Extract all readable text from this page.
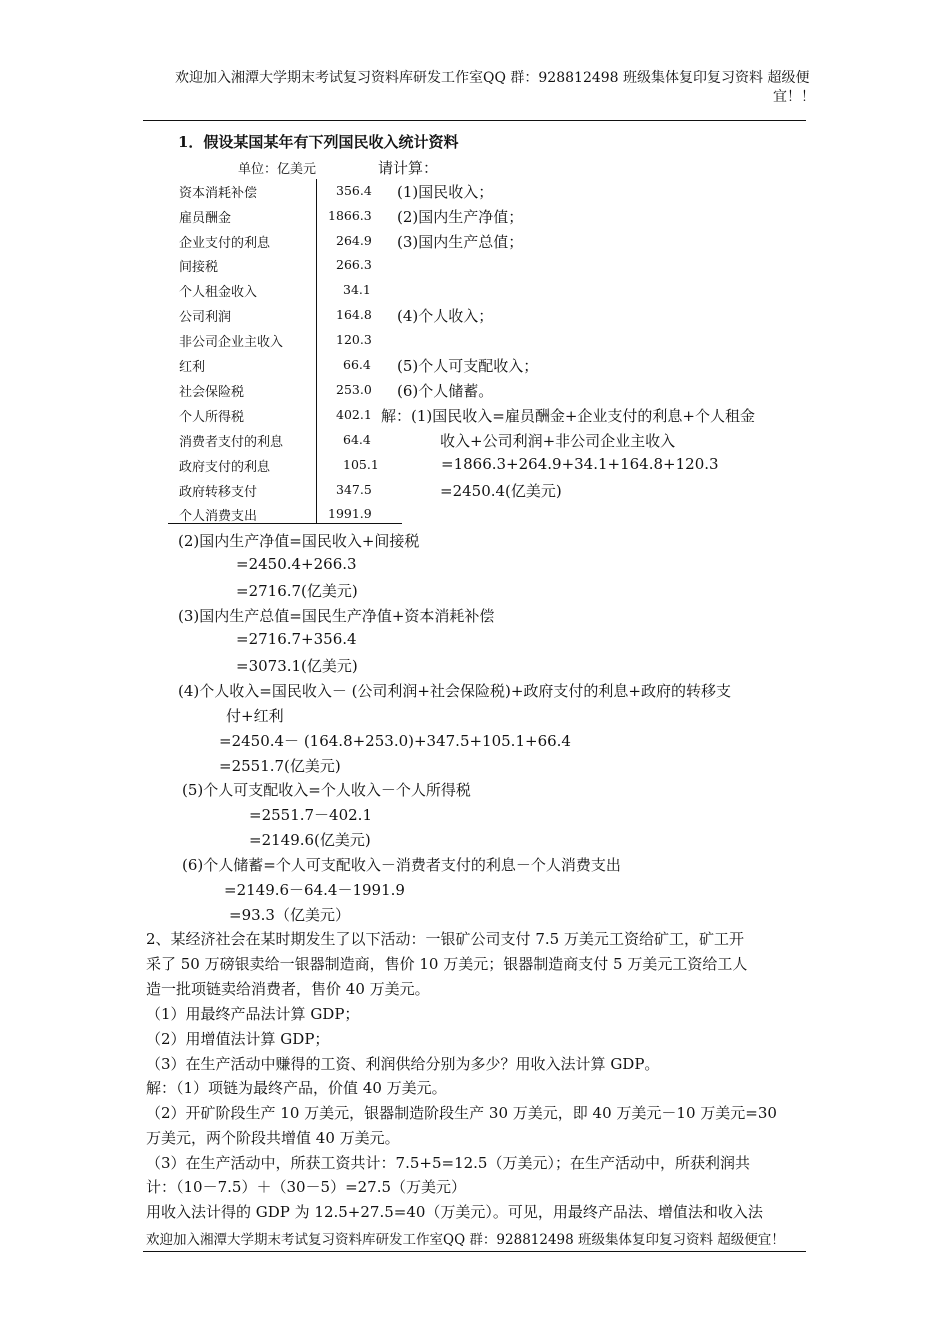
欢迎加入湘潭大学期末考试复习资料库研发工作室QQ 群：928812498 班级集体复印复习资料 超级便
宜！！
1．假设某国某年有下列国民收入统计资料
单位：亿美元	请计算：
资本消耗补偿	356.4
雇员酬金	1866.3
企业支付的利息	264.9
间接税	266.3
个人租金收入	34.1
公司利润	164.8
非公司企业主收入	120.3
红利	66.4
社会保险税	253.0
个人所得税	402.1
消费者支付的利息	64.4
政府支付的利息	105.1
政府转移支付	347.5
个人消费支出	1991.9
(1)国民收入；
(2)国内生产净值；
(3)国内生产总值；
(4)个人收入；
(5)个人可支配收入；
(6)个人储蓄。
解：(1)国民收入=雇员酬金+企业支付的利息+个人租金
收入+公司利润+非公司企业主收入
=1866.3+264.9+34.1+164.8+120.3
=2450.4(亿美元)
(2)国内生产净值=国民收入+间接税
=2450.4+266.3
=2716.7(亿美元)
(3)国内生产总值=国民生产净值+资本消耗补偿
=2716.7+356.4
=3073.1(亿美元)
(4)个人收入=国民收入－ (公司利润+社会保险税)+政府支付的利息+政府的转移支
付+红利
=2450.4－ (164.8+253.0)+347.5+105.1+66.4
=2551.7(亿美元)
(5)个人可支配收入=个人收入－个人所得税
=2551.7－402.1
=2149.6(亿美元)
(6)个人储蓄=个人可支配收入－消费者支付的利息－个人消费支出
=2149.6－64.4－1991.9
=93.3（亿美元）
2、某经济社会在某时期发生了以下活动：一银矿公司支付 7.5 万美元工资给矿工，矿工开
采了 50 万磅银卖给一银器制造商，售价 10 万美元；银器制造商支付 5 万美元工资给工人
造一批项链卖给消费者，售价 40 万美元。
（1）用最终产品法计算 GDP；
（2）用增值法计算 GDP；
（3）在生产活动中赚得的工资、利润供给分别为多少？用收入法计算 GDP。
解：（1）项链为最终产品，价值 40 万美元。
（2）开矿阶段生产 10 万美元，银器制造阶段生产 30 万美元，即 40 万美元－10 万美元=30
万美元，两个阶段共增值 40 万美元。
（3）在生产活动中，所获工资共计：7.5+5=12.5（万美元）；在生产活动中，所获利润共
计：（10－7.5）＋（30－5）=27.5（万美元）
用收入法计得的 GDP 为 12.5+27.5=40（万美元）。可见，用最终产品法、增值法和收入法
欢迎加入湘潭大学期末考试复习资料库研发工作室QQ 群：928812498 班级集体复印复习资料 超级便宜！
